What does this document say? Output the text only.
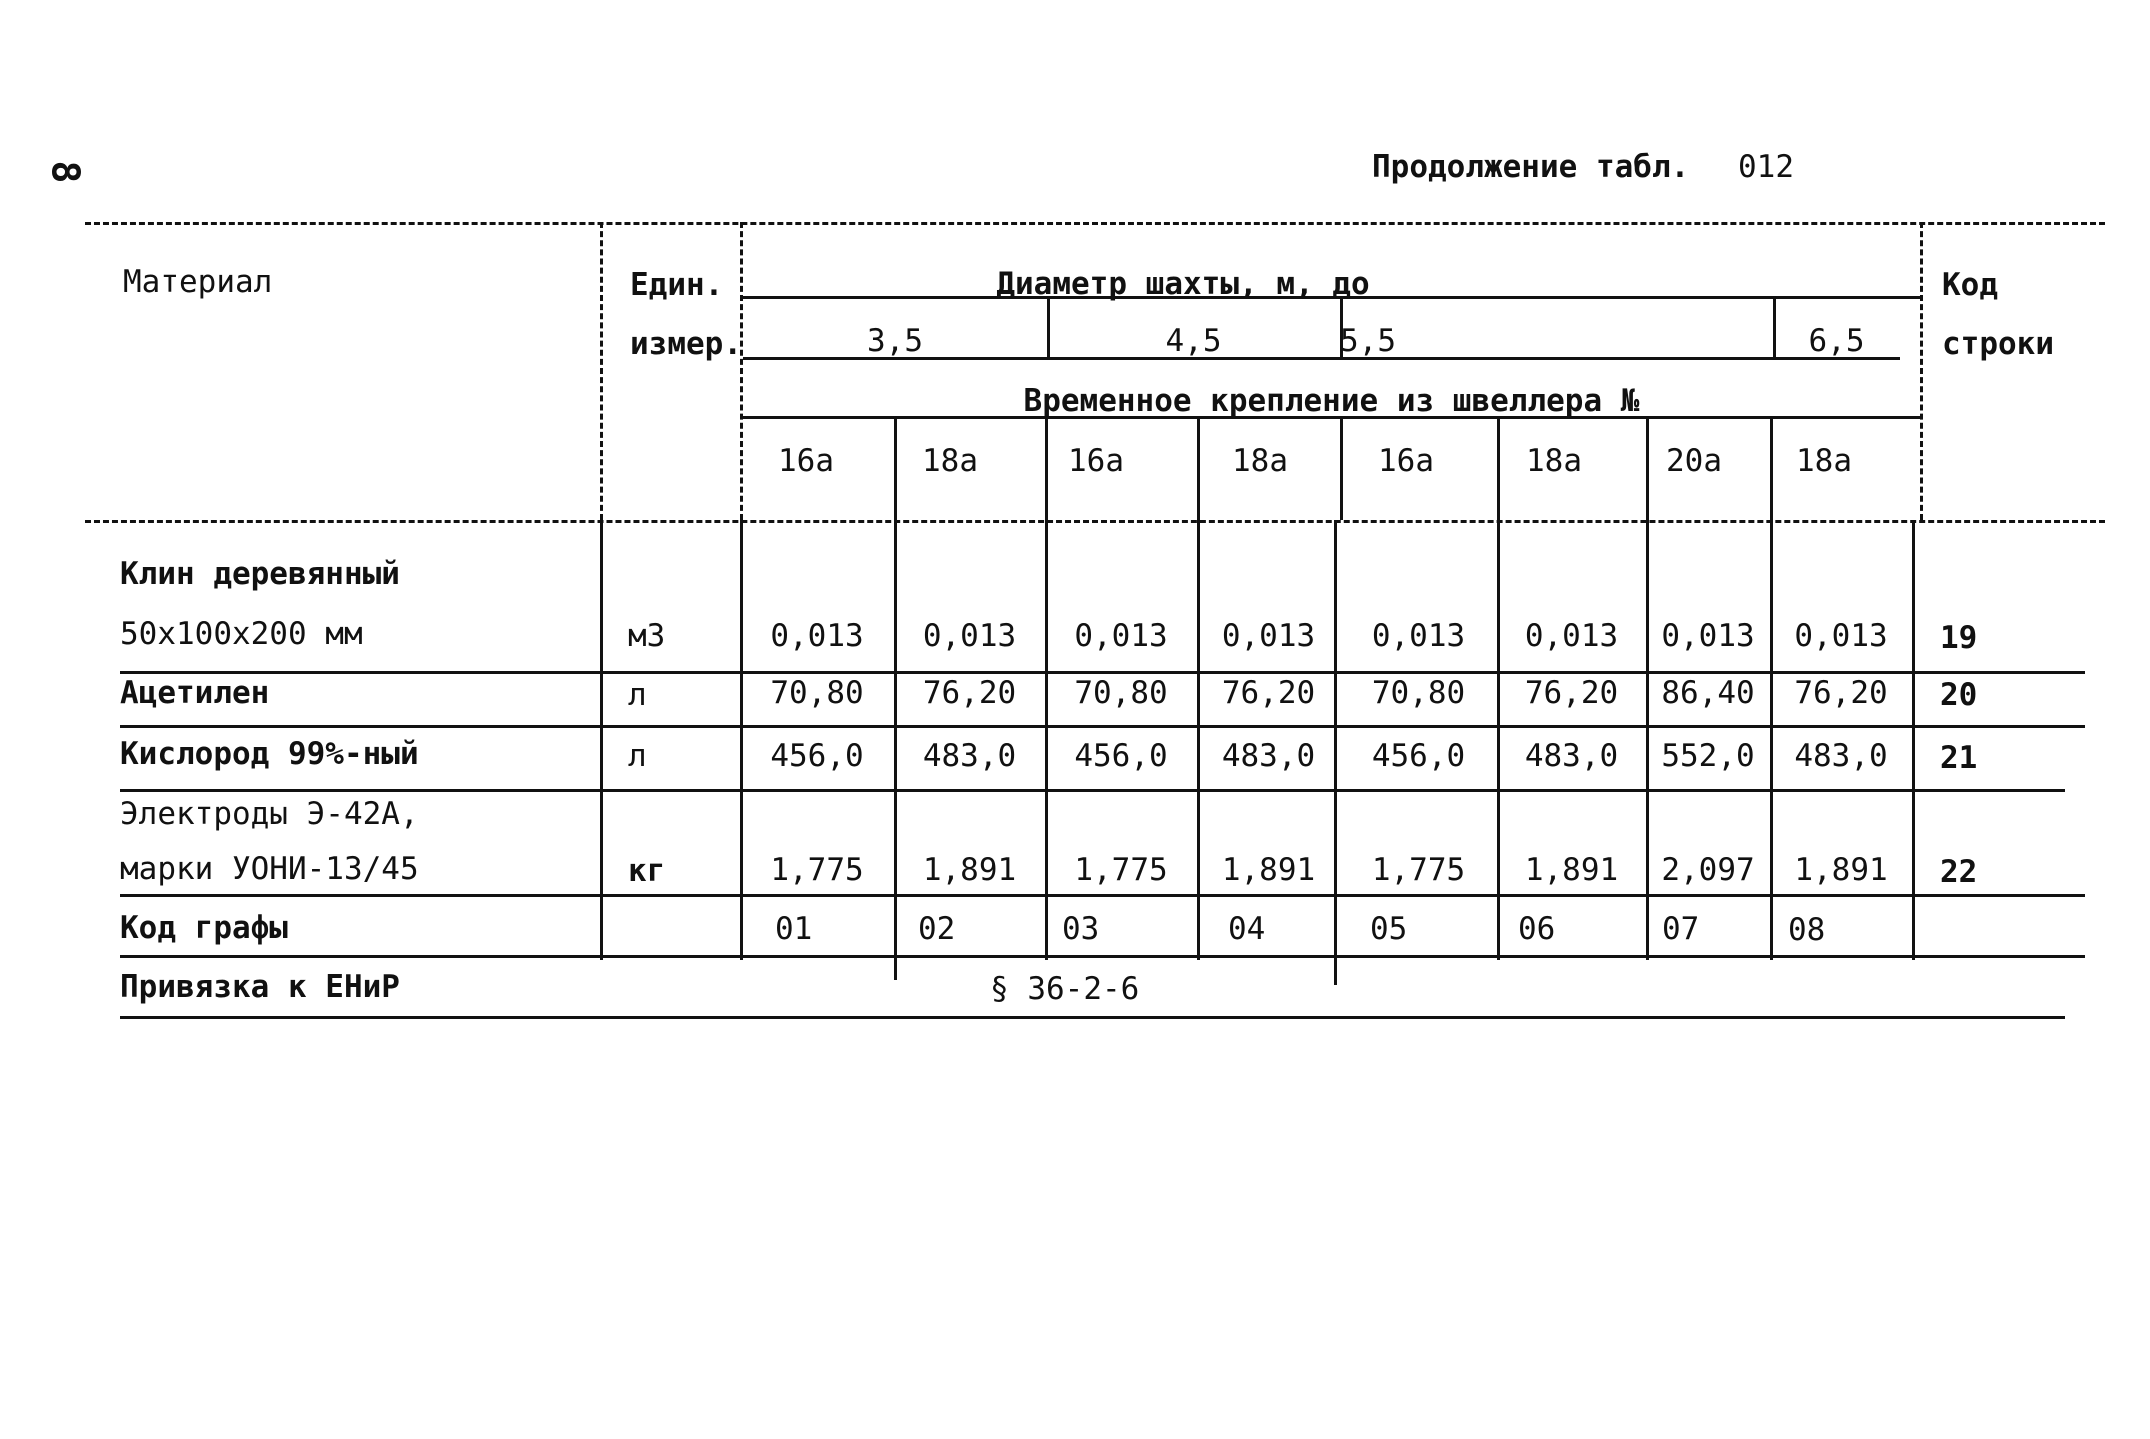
8	Продолжение табл. 012
Материал	Един.
измер.
Диаметр шахты, м, до
3,5	4,5	5,5	6,5
Временное крепление из швеллера №
16а	18а	16а	18а	16а	18а	20а 18а
Код
строки
Клин деревянный
50х100х200 мм	м3	0,013	0,013	0,013	0,013	0,013	0,013	0,013	0,013	19
Ацетилен	л	70,80	76,20	70,80	76,20	70,80	76,20	86,40	76,20	20
Кислород 99%-ный	л	456,0	483,0	456,0	483,0	456,0	483,0	552,0	483,0	21
Электроды Э-42А,
марки УОНИ-13/45	кг	1,775	1,891	1,775	1,891	1,775	1,891	2,097	1,891	22
Код графы	01	02	03	04	05	06	07	08
Привязка к ЕНиР	§ 36-2-6
